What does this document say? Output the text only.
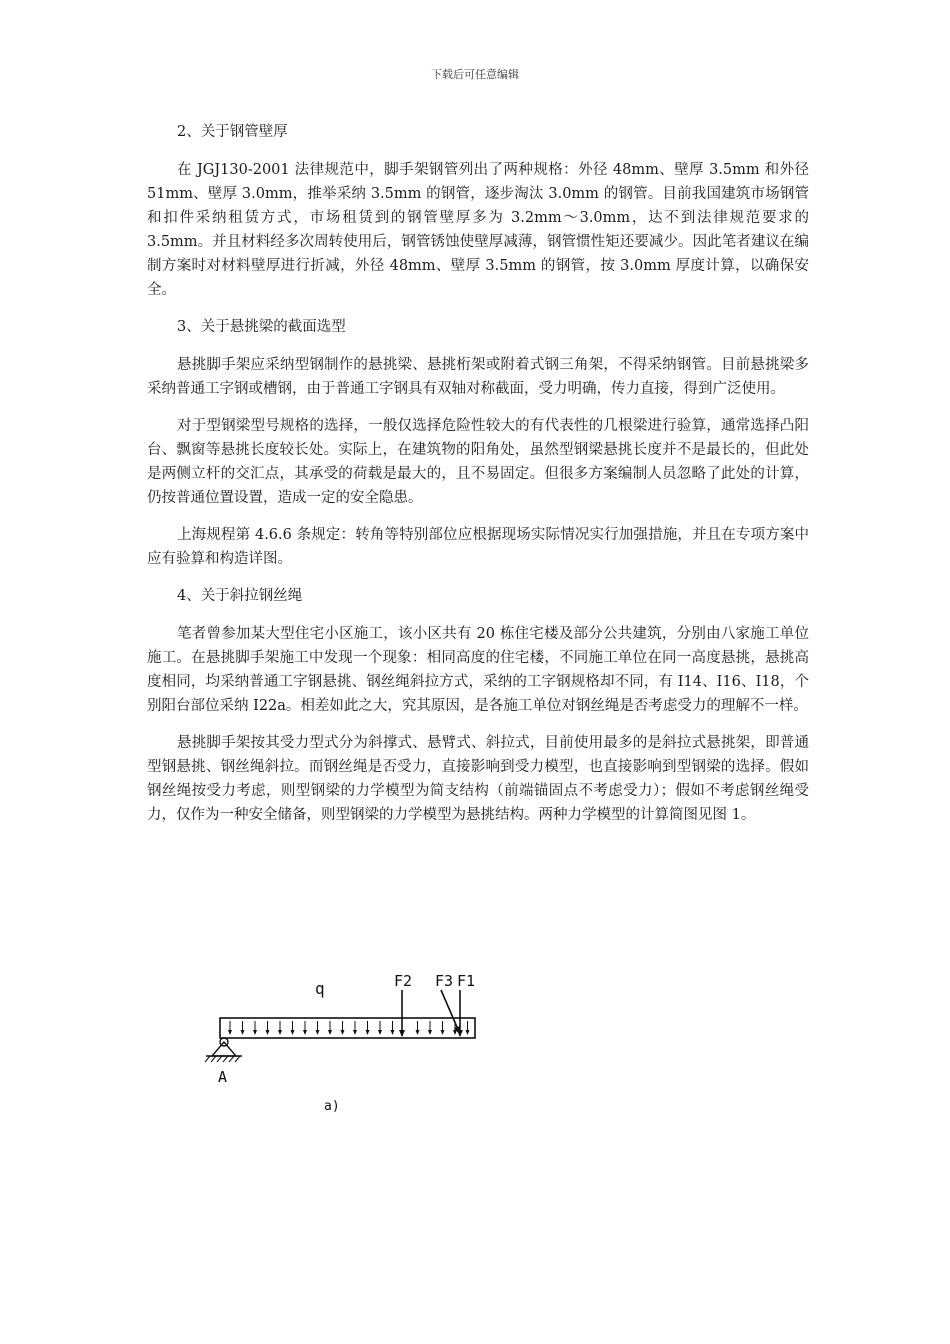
下载后可任意编辑

2、关于钢管壁厚

在 JGJ130-2001 法律规范中，脚手架钢管列出了两种规格：外径 48mm、壁厚 3.5mm 和外径 51mm、壁厚 3.0mm，推举采纳 3.5mm 的钢管，逐步淘汰 3.0mm 的钢管。目前我国建筑市场钢管和扣件采纳租赁方式，市场租赁到的钢管壁厚多为 3.2mm～3.0mm，达不到法律规范要求的 3.5mm。并且材料经多次周转使用后，钢管锈蚀使壁厚减薄，钢管惯性矩还要减少。因此笔者建议在编制方案时对材料壁厚进行折减，外径 48mm、壁厚 3.5mm 的钢管，按 3.0mm 厚度计算，以确保安全。

3、关于悬挑梁的截面选型

悬挑脚手架应采纳型钢制作的悬挑梁、悬挑桁架或附着式钢三角架，不得采纳钢管。目前悬挑梁多采纳普通工字钢或槽钢，由于普通工字钢具有双轴对称截面，受力明确，传力直接，得到广泛使用。

对于型钢梁型号规格的选择，一般仅选择危险性较大的有代表性的几根梁进行验算，通常选择凸阳台、飘窗等悬挑长度较长处。实际上，在建筑物的阳角处，虽然型钢梁悬挑长度并不是最长的，但此处是两侧立杆的交汇点，其承受的荷载是最大的，且不易固定。但很多方案编制人员忽略了此处的计算，仍按普通位置设置，造成一定的安全隐患。

上海规程第 4.6.6 条规定：转角等特别部位应根据现场实际情况实行加强措施，并且在专项方案中应有验算和构造详图。

4、关于斜拉钢丝绳

笔者曾参加某大型住宅小区施工，该小区共有 20 栋住宅楼及部分公共建筑，分别由八家施工单位施工。在悬挑脚手架施工中发现一个现象：相同高度的住宅楼，不同施工单位在同一高度悬挑，悬挑高度相同，均采纳普通工字钢悬挑、钢丝绳斜拉方式，采纳的工字钢规格却不同，有 I14、I16、I18，个别阳台部位采纳 I22a。相差如此之大，究其原因，是各施工单位对钢丝绳是否考虑受力的理解不一样。

悬挑脚手架按其受力型式分为斜撑式、悬臂式、斜拉式，目前使用最多的是斜拉式悬挑架，即普通型钢悬挑、钢丝绳斜拉。而钢丝绳是否受力，直接影响到受力模型，也直接影响到型钢梁的选择。假如钢丝绳按受力考虑，则型钢梁的力学模型为简支结构（前端锚固点不考虑受力）；假如不考虑钢丝绳受力，仅作为一种安全储备，则型钢梁的力学模型为悬挑结构。两种力学模型的计算简图见图 1。

q	F2 F3 F1
A
a)
